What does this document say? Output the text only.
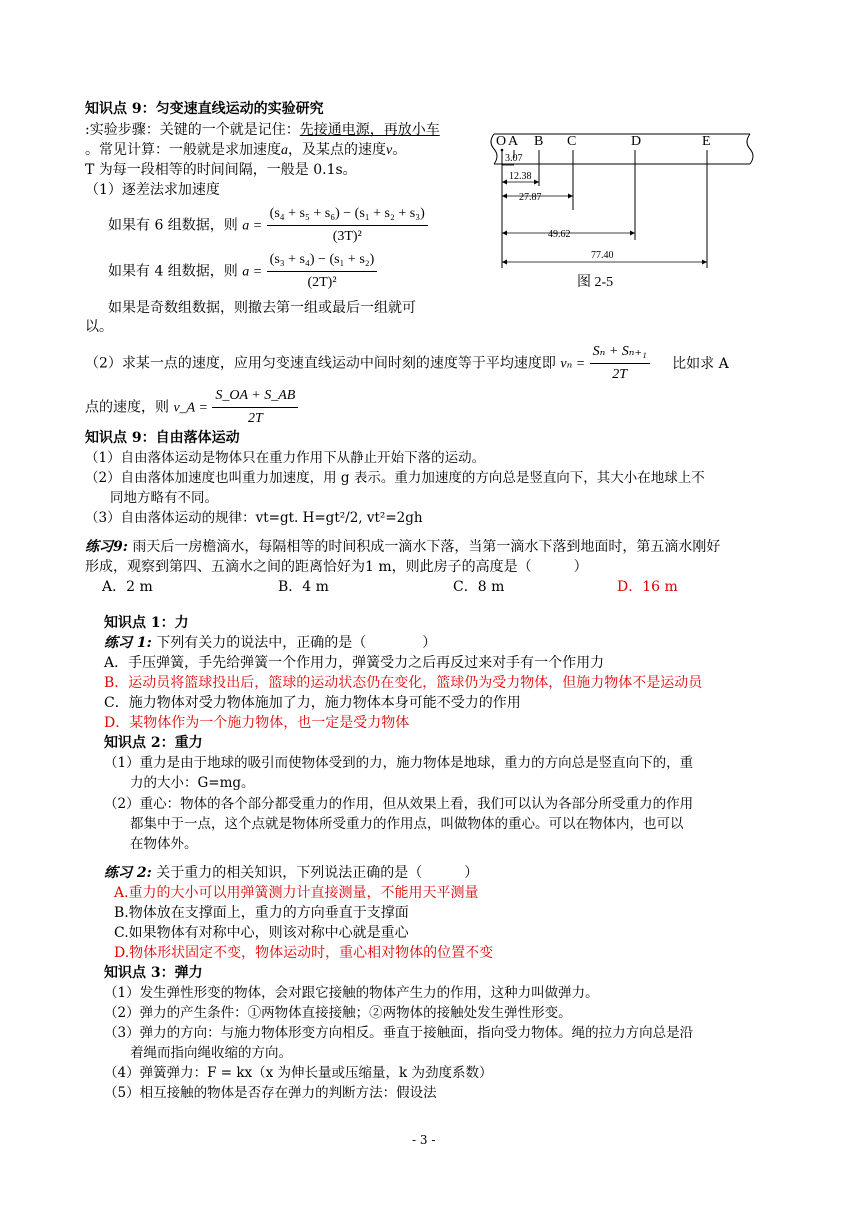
知识点 9：匀变速直线运动的实验研究
:实验步骤：关键的一个就是记住：先接通电源，再放小车
。常见计算：一般就是求加速度a，及某点的速度v。
T 为每一段相等的时间间隔，一般是 0.1s。
（1）逐差法求加速度
如果有 6 组数据，则 $a = \frac{\text{(s₄ + s₅ + s₆) − (s₁ + s₂ + s₃)}}{\text{(3T)²}}$
如果有 4 组数据，则 $a = \frac{\text{(s₃ + s₄) − (s₁ + s₂)}}{\text{(2T)²}}$
如果是奇数组数据，则撤去第一组或最后一组就可
以。
（2）求某一点的速度，应用匀变速直线运动中间时刻的速度等于平均速度即 $v_n = \frac{\text{Sₙ + Sₙ₊₁}}{2T}$ 比如求 A
点的速度，则 v_A = $\frac{S\_OA + S\_AB}{2T}$
O A B C	D	E
3.07
12.38
27.87
49.62
77.40
图 2-5
知识点 9：自由落体运动
（1）自由落体运动是物体只在重力作用下从静止开始下落的运动。
（2）自由落体加速度也叫重力加速度，用 g 表示。重力加速度的方向总是竖直向下，其大小在地球上不
同地方略有不同。
（3）自由落体运动的规律：vt=gt. H=gt²/2, vt²=2gh
练习9: 雨天后一房檐滴水，每隔相等的时间积成一滴水下落，当第一滴水下落到地面时，第五滴水刚好
形成，观察到第四、五滴水之间的距离恰好为1 m，则此房子的高度是（　　　）
A．2 m	B．4 m	C．8 m	D．16 m
知识点 1：力
练习 1: 下列有关力的说法中，正确的是（　　　　）
A．手压弹簧，手先给弹簧一个作用力，弹簧受力之后再反过来对手有一个作用力
B．运动员将篮球投出后，篮球的运动状态仍在变化，篮球仍为受力物体，但施力物体不是运动员
C．施力物体对受力物体施加了力，施力物体本身可能不受力的作用
D．某物体作为一个施力物体，也一定是受力物体
知识点 2：重力
（1）重力是由于地球的吸引而使物体受到的力，施力物体是地球，重力的方向总是竖直向下的，重
力的大小：G=mg。
（2）重心：物体的各个部分都受重力的作用，但从效果上看，我们可以认为各部分所受重力的作用
都集中于一点，这个点就是物体所受重力的作用点，叫做物体的重心。可以在物体内，也可以
在物体外。
练习 2: 关于重力的相关知识，下列说法正确的是（　　　）
A.重力的大小可以用弹簧测力计直接测量，不能用天平测量
B.物体放在支撑面上，重力的方向垂直于支撑面
C.如果物体有对称中心，则该对称中心就是重心
D.物体形状固定不变，物体运动时，重心相对物体的位置不变
知识点 3：弹力
（1）发生弹性形变的物体，会对跟它接触的物体产生力的作用，这种力叫做弹力。
（2）弹力的产生条件：①两物体直接接触；②两物体的接触处发生弹性形变。
（3）弹力的方向：与施力物体形变方向相反。垂直于接触面，指向受力物体。绳的拉力方向总是沿
着绳而指向绳收缩的方向。
（4）弹簧弹力：F = kx（x 为伸长量或压缩量，k 为劲度系数）
（5）相互接触的物体是否存在弹力的判断方法：假设法
- 3 -
